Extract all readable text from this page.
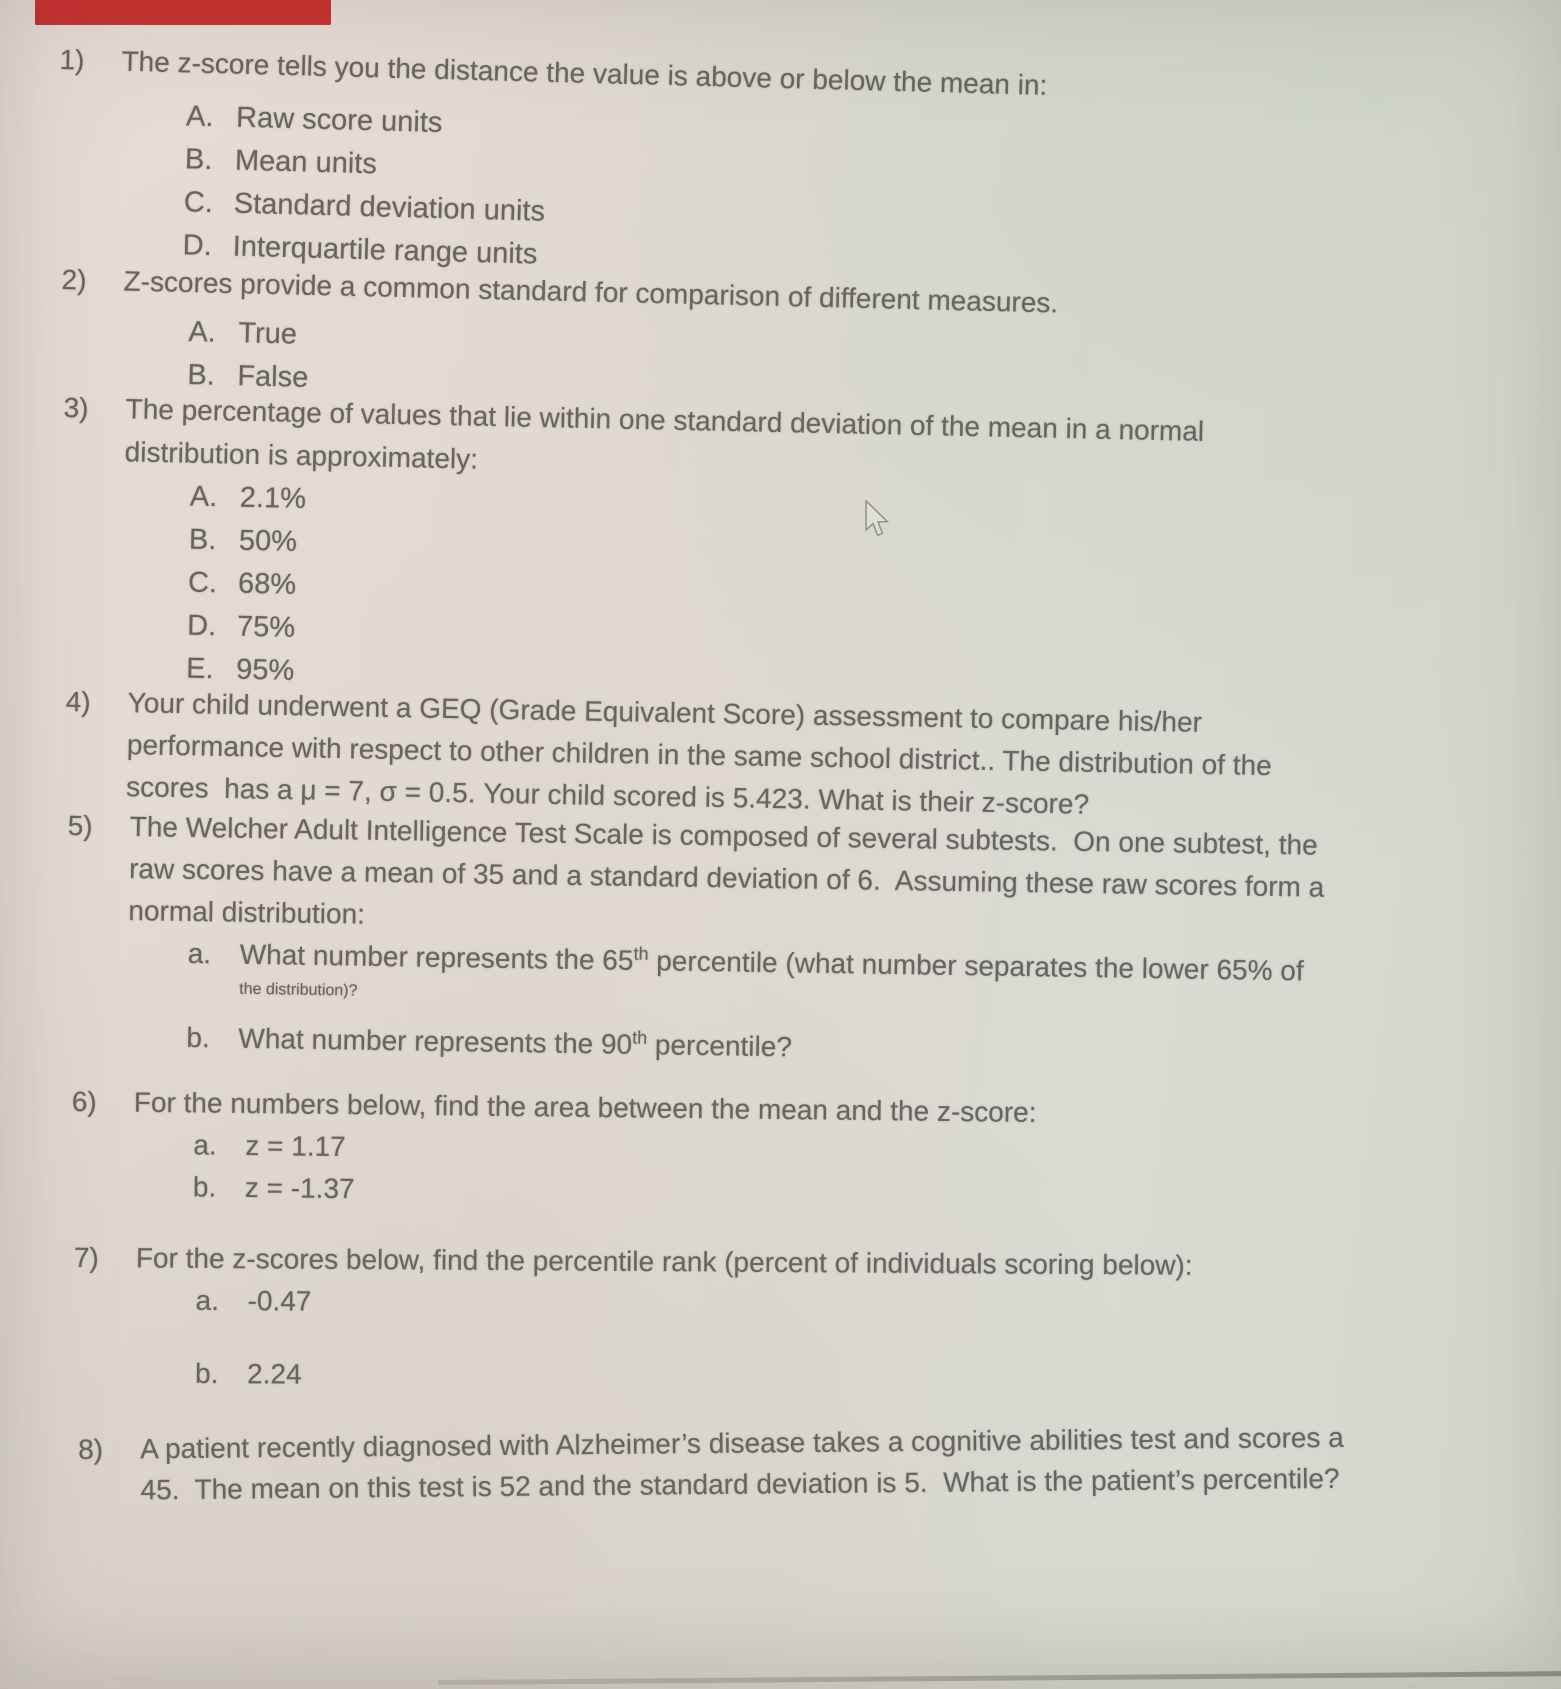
1)	The z-score tells you the distance the value is above or below the mean in:
A. Raw score units
B. Mean units
C. Standard deviation units
D. Interquartile range units
2)	Z-scores provide a common standard for comparison of different measures.
A. True
B. False
3)	The percentage of values that lie within one standard deviation of the mean in a normal
distribution is approximately:
A. 2.1%
B. 50%
C. 68%
D. 75%
E. 95%
4)	Your child underwent a GEQ (Grade Equivalent Score) assessment to compare his/her
performance with respect to other children in the same school district.. The distribution of the
scores  has a μ = 7, σ = 0.5. Your child scored is 5.423. What is their z-score?
5)	The Welcher Adult Intelligence Test Scale is composed of several subtests.  On one subtest, the
raw scores have a mean of 35 and a standard deviation of 6.  Assuming these raw scores form a
normal distribution:
a.	What number represents the 65th percentile (what number separates the lower 65% of
the distribution)?
b.	What number represents the 90th percentile?
6)	For the numbers below, find the area between the mean and the z-score:
a.	z = 1.17
b.	z = -1.37
7)	For the z-scores below, find the percentile rank (percent of individuals scoring below):
a.	-0.47
b.	2.24
8)	A patient recently diagnosed with Alzheimer’s disease takes a cognitive abilities test and scores a
45.  The mean on this test is 52 and the standard deviation is 5.  What is the patient’s percentile?
